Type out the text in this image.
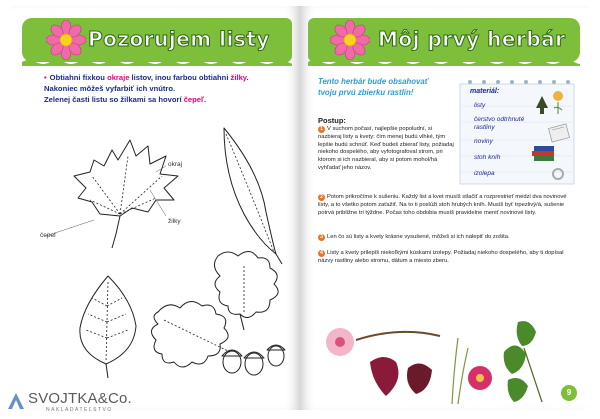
Pozorujem listy
• Obtiahni fixkou okraje listov, inou farbou obtiahni žilky.
Nakoniec môžeš vyfarbiť ich vnútro.
Zelenej časti listu so žilkami sa hovorí čepeľ.
okraj
žilky
čepeľ
Môj prvý herbár
Tento herbár bude obsahovať tvoju prvú zbierku rastlín!	materiál:
listy
čerstvo odtrhnuté rastliny
noviny
stoh kníh
izolepa
Postup:
1 V suchom počasí, najlepšie popoludní, si nazbieraj listy a kvety: čím menej budú vlhké, tým lepšie budú schnúť. Keď budeš zbierať listy, požiadaj niekoho dospelého, aby vyfotografoval strom, pri ktorom si ich nazbieral, aby si potom mohol/há vyhľadať jeho názov.
2 Potom prikročíme k sušeniu. Každý list a kvet musíš stlačiť a rozprestrieť medzi dva novinové listy, a to všetko potom zaťažiť. Na to ti poslúži stoh hrubých kníh. Musíš byť trpezlivý/á, sušenie potrvá približne tri týždne. Počas toho obdobia musíš pravidelne meniť novinové listy.
3 Len čo sú listy a kvety krásne vysušené, môžeš si ich nalepiť do zošita.
4 Listy a kvety prilepíš niekoľkými kúskami izolepy. Požiadaj niekoho dospelého, aby ti dopísal názvy rastliny alebo stromu, dátum a miesto zberu.
9
SVOJTKA&Co.
NAKLADATEĽSTVO
